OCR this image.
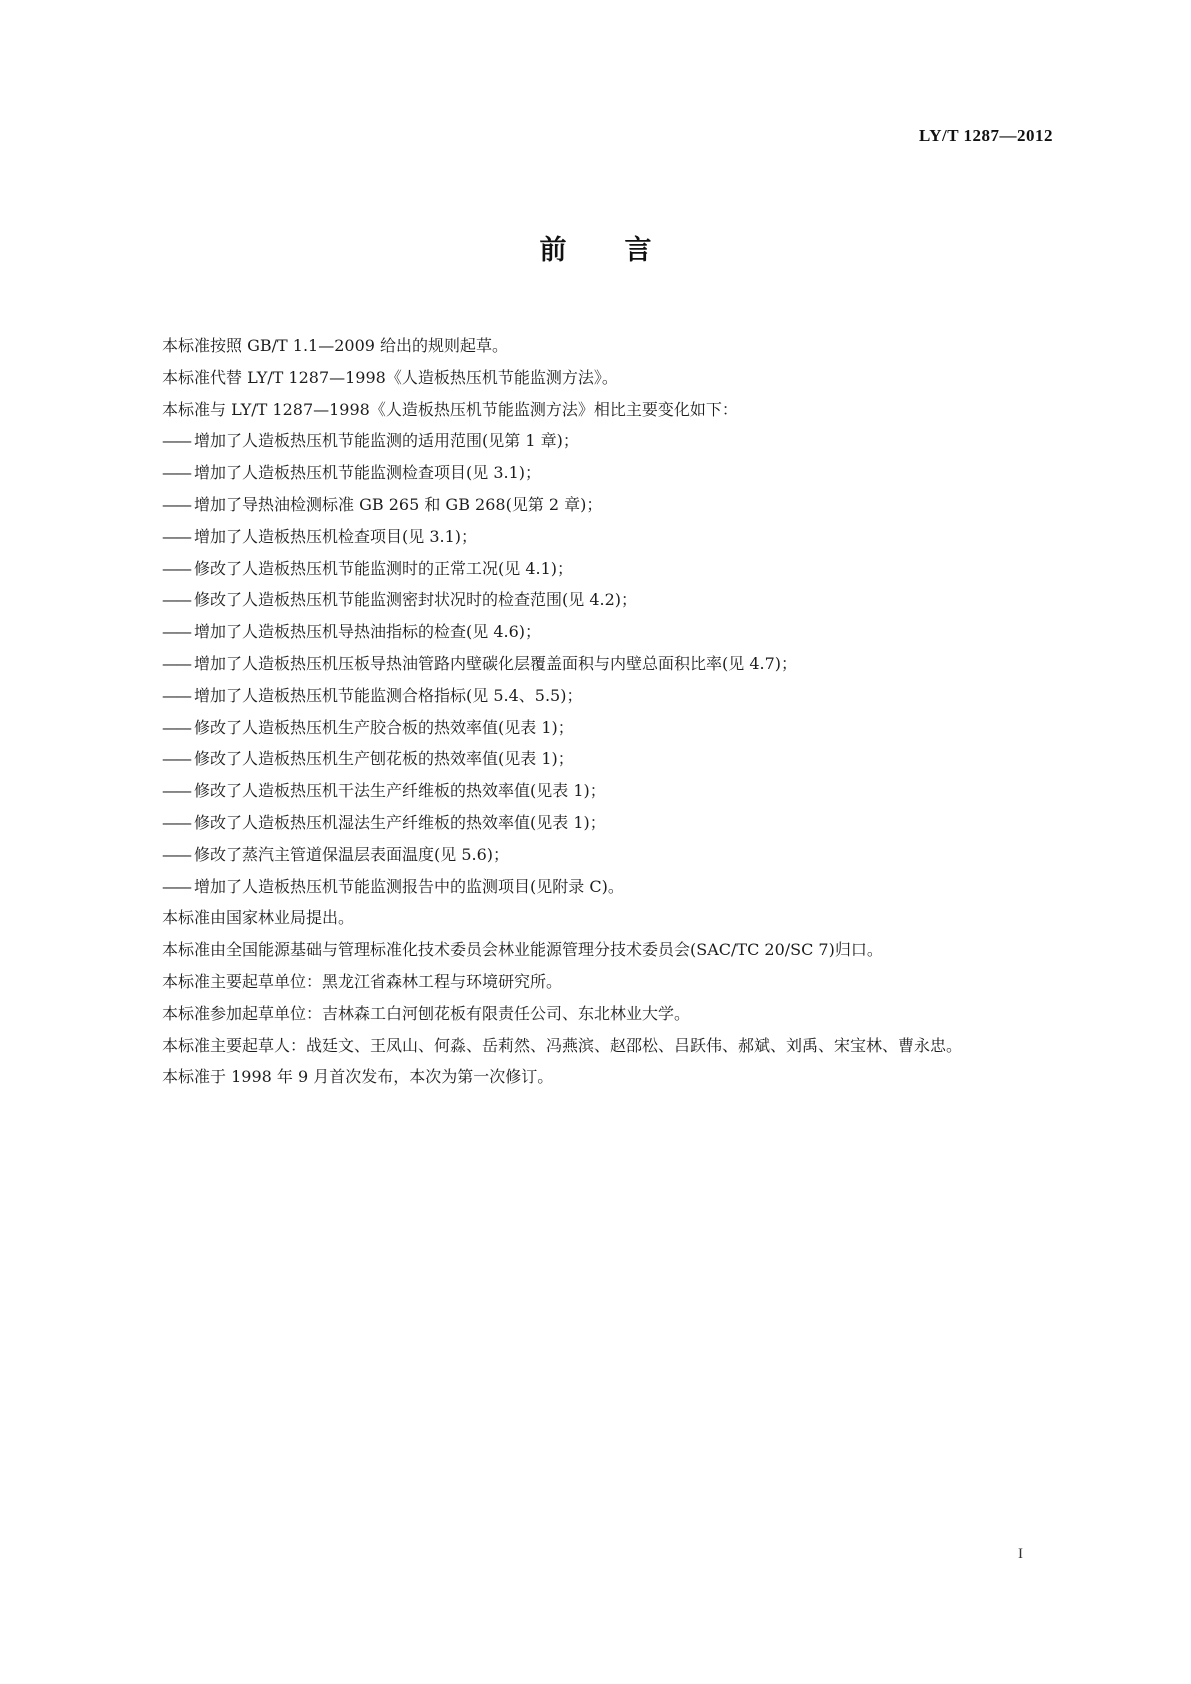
LY/T 1287—2012
前 言

本标准按照 GB/T 1.1—2009 给出的规则起草。

本标准代替 LY/T 1287—1998《人造板热压机节能监测方法》。

本标准与 LY/T 1287—1998《人造板热压机节能监测方法》相比主要变化如下：

—— 增加了人造板热压机节能监测的适用范围(见第 1 章)；

—— 增加了人造板热压机节能监测检查项目(见 3.1)；

—— 增加了导热油检测标准 GB 265 和 GB 268(见第 2 章)；

—— 增加了人造板热压机检查项目(见 3.1)；

—— 修改了人造板热压机节能监测时的正常工况(见 4.1)；

—— 修改了人造板热压机节能监测密封状况时的检查范围(见 4.2)；

—— 增加了人造板热压机导热油指标的检查(见 4.6)；

—— 增加了人造板热压机压板导热油管路内壁碳化层覆盖面积与内壁总面积比率(见 4.7)；

—— 增加了人造板热压机节能监测合格指标(见 5.4、5.5)；

—— 修改了人造板热压机生产胶合板的热效率值(见表 1)；

—— 修改了人造板热压机生产刨花板的热效率值(见表 1)；

—— 修改了人造板热压机干法生产纤维板的热效率值(见表 1)；

—— 修改了人造板热压机湿法生产纤维板的热效率值(见表 1)；

—— 修改了蒸汽主管道保温层表面温度(见 5.6)；

—— 增加了人造板热压机节能监测报告中的监测项目(见附录 C)。

本标准由国家林业局提出。

本标准由全国能源基础与管理标准化技术委员会林业能源管理分技术委员会(SAC/TC 20/SC 7)归口。

本标准主要起草单位：黑龙江省森林工程与环境研究所。

本标准参加起草单位：吉林森工白河刨花板有限责任公司、东北林业大学。

本标准主要起草人：战廷文、王凤山、何淼、岳莉然、冯燕滨、赵邵松、吕跃伟、郝斌、刘禹、宋宝林、曹永忠。

本标准于 1998 年 9 月首次发布，本次为第一次修订。

I
